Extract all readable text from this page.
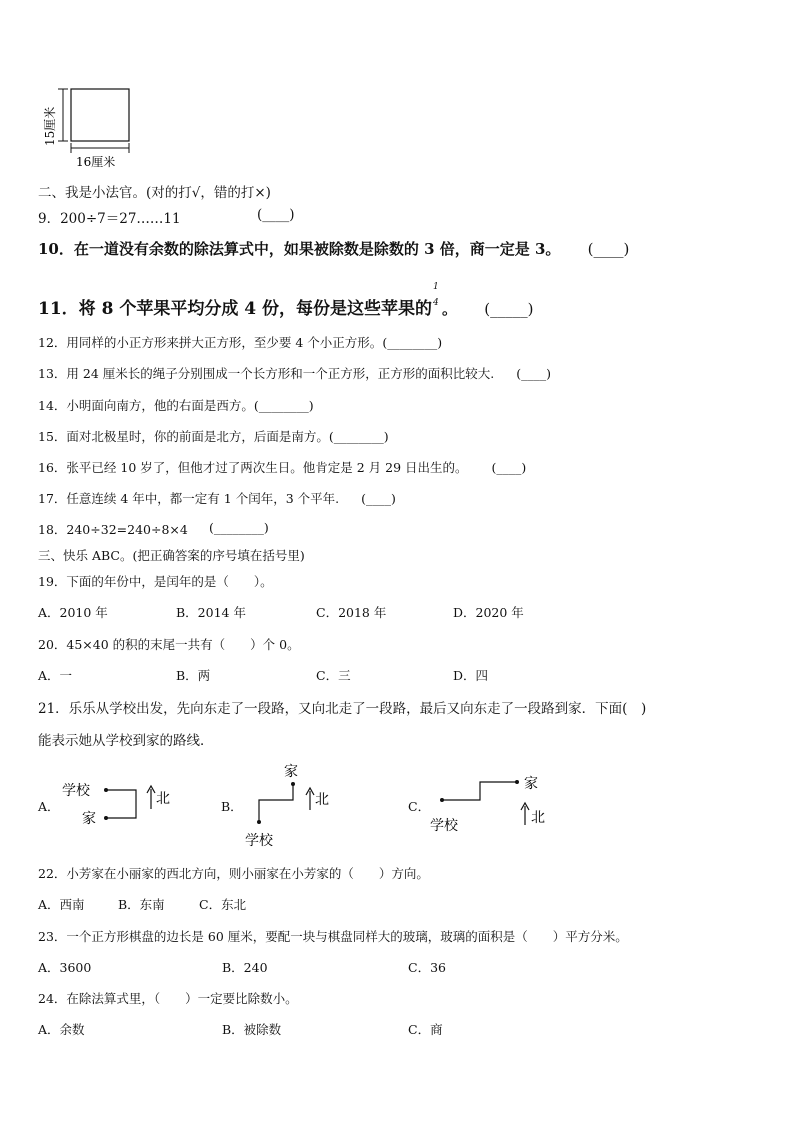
15厘米
16厘米
二、我是小法官。(对的打√，错的打×)
9．200÷7＝27……11	(____)
10．在一道没有余数的除法算式中，如果被除数是除数的 3 倍，商一定是 3。 (____)
11．将 8 个苹果平均分成 4 份，每份是这些苹果的
1
4 。 (_____)
12．用同样的小正方形来拼大正方形，至少要 4 个小正方形。(________)
13．用 24 厘米长的绳子分别围成一个长方形和一个正方形，正方形的面积比较大. (____)
14．小明面向南方，他的右面是西方。(________)
15．面对北极星时，你的前面是北方，后面是南方。(________)
16．张平已经 10 岁了，但他才过了两次生日。他肯定是 2 月 29 日出生的。 (____)
17．任意连续 4 年中，都一定有 1 个闰年，3 个平年. (____)
18．240÷32=240÷8×4 (________)
三、快乐 ABC。(把正确答案的序号填在括号里)
19．下面的年份中，是闰年的是（　　）。
A．2010 年	B．2014 年	C．2018 年	D．2020 年
20．45×40 的积的末尾一共有（　　）个 0。
A．一	B．两	C．三	D．四
21．乐乐从学校出发，先向东走了一段路，又向北走了一段路，最后又向东走了一段路到家．下面(　)
能表示她从学校到家的路线．
A．
学校
家
北	B．
家
学校
北	C．
家
学校	北
22．小芳家在小丽家的西北方向，则小丽家在小芳家的（　　）方向。
A．西南	B．东南	C．东北
23．一个正方形棋盘的边长是 60 厘米，要配一块与棋盘同样大的玻璃，玻璃的面积是（　　）平方分米。
A．3600	B．240	C．36
24．在除法算式里，（　　）一定要比除数小。
A．余数	B．被除数	C．商
